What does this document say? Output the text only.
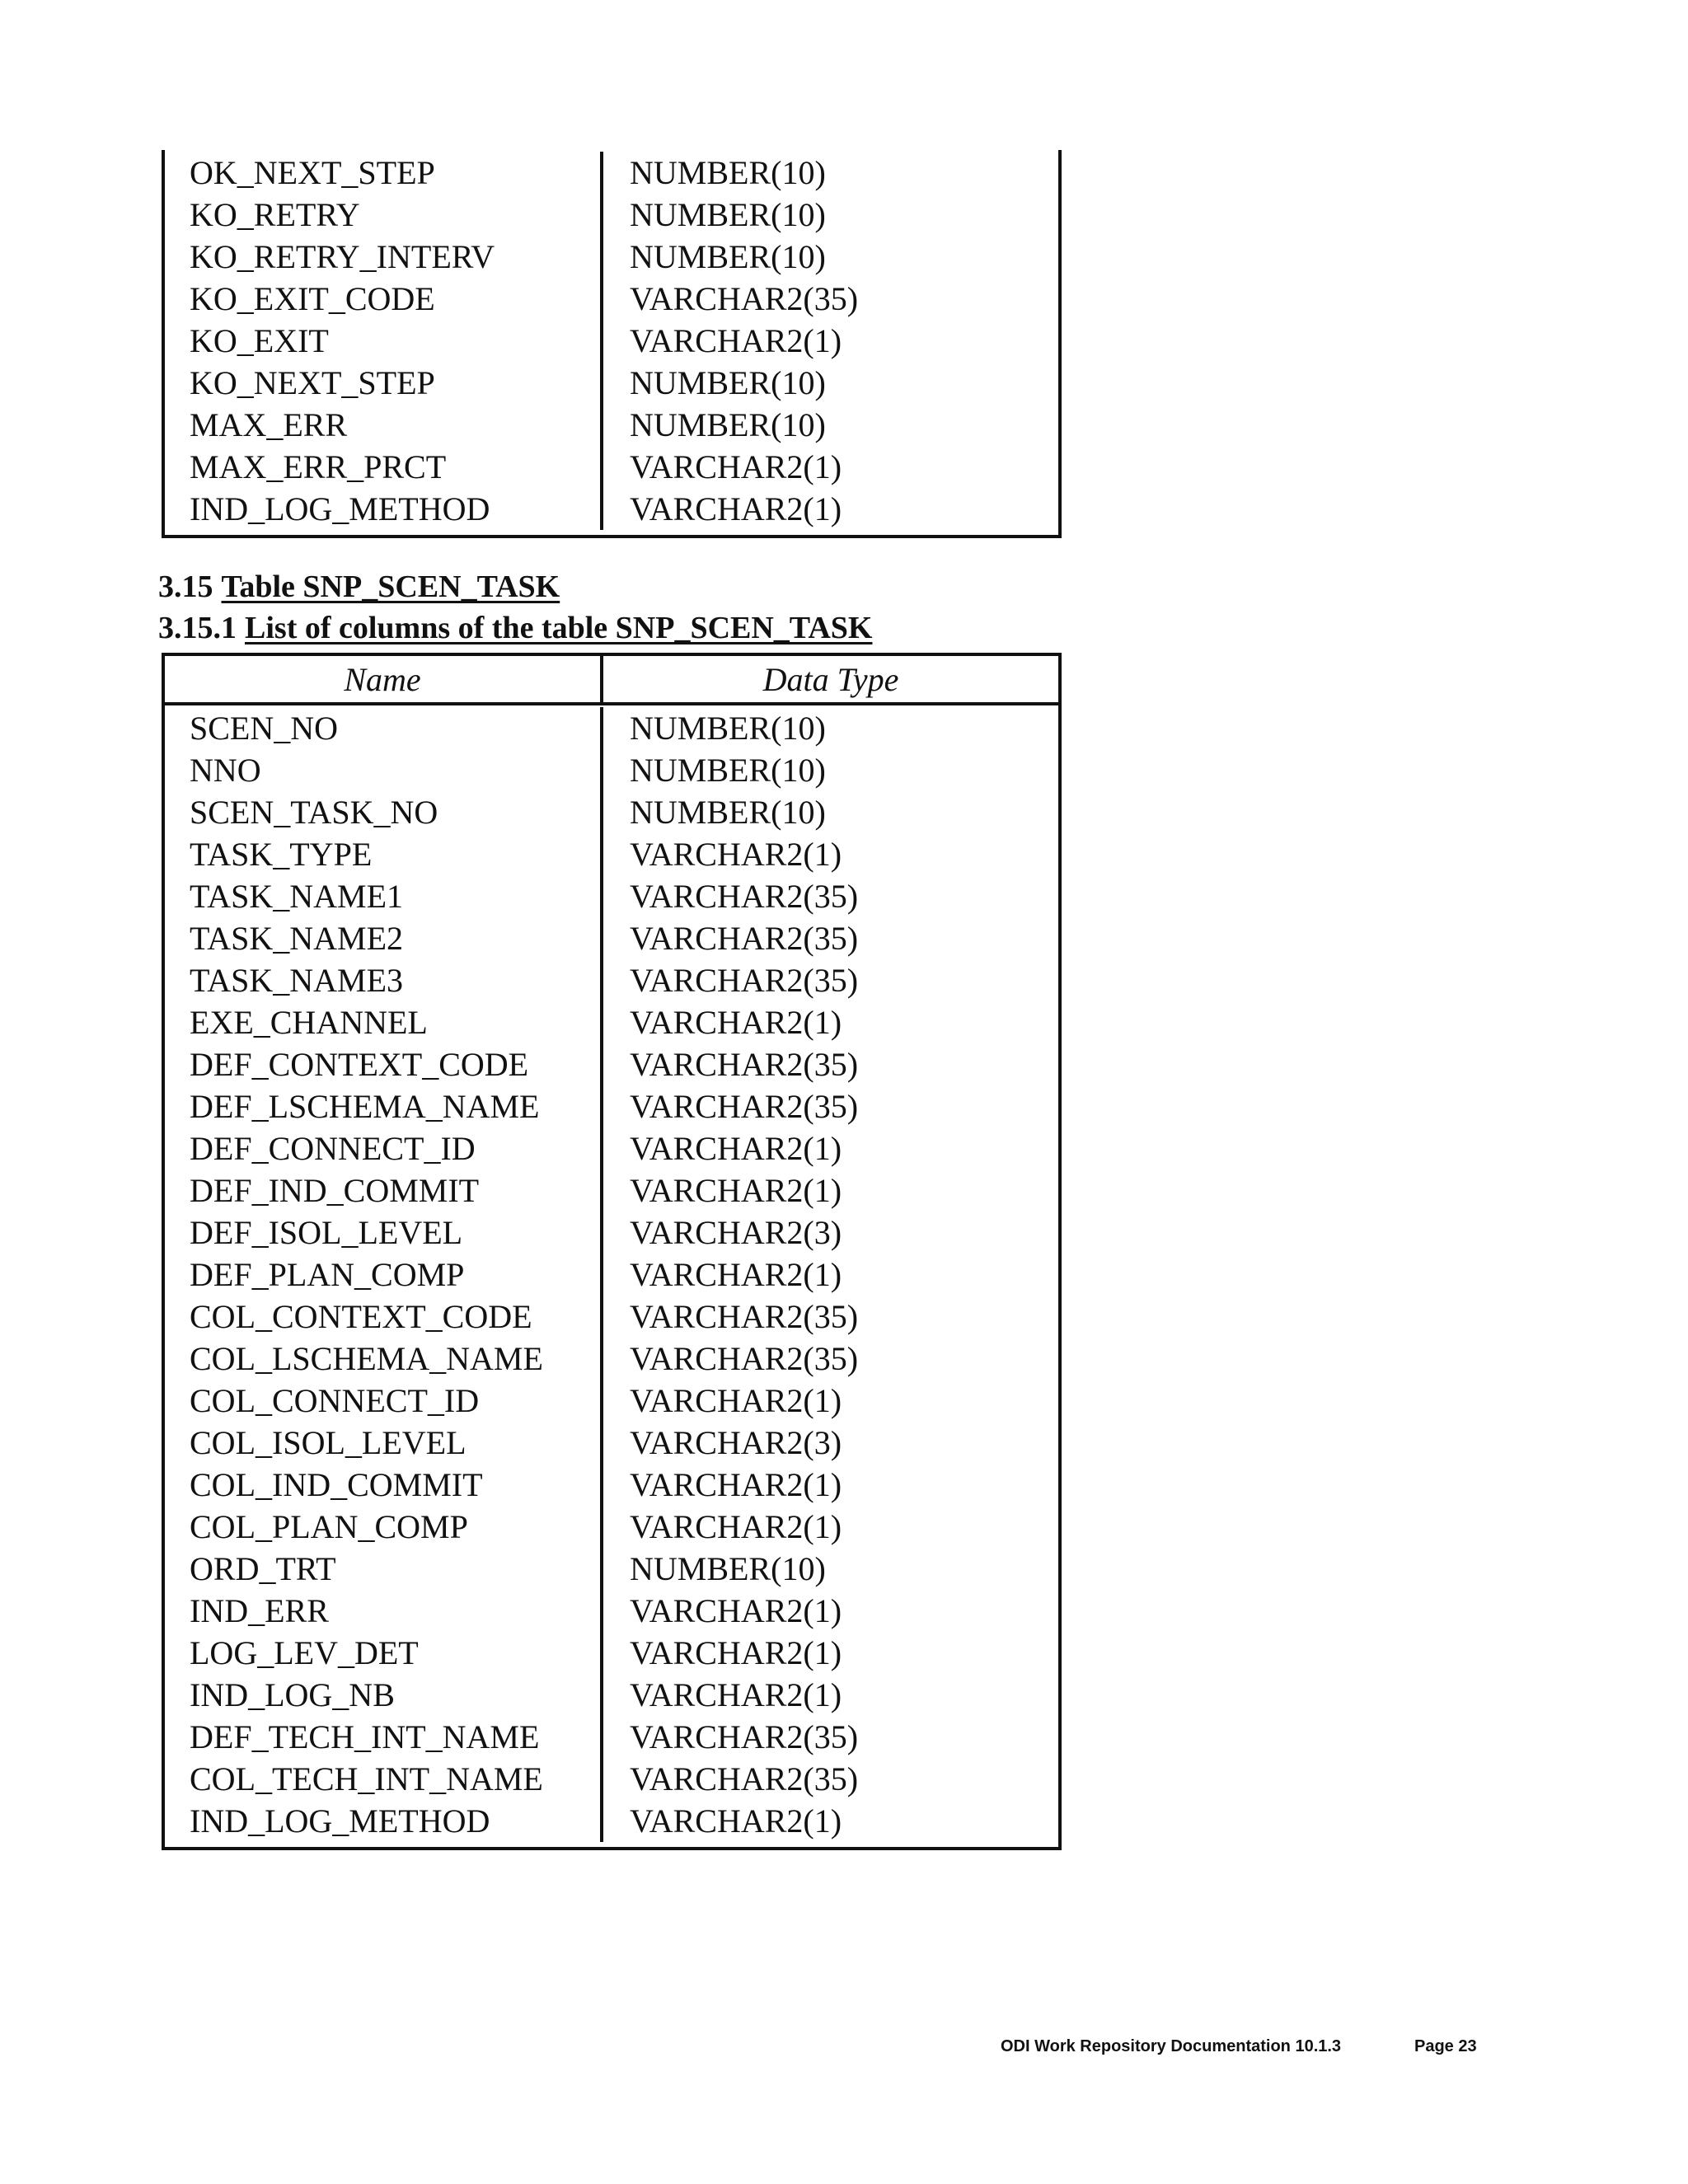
OK_NEXT_STEP	NUMBER(10)
KO_RETRY	NUMBER(10)
KO_RETRY_INTERV	NUMBER(10)
KO_EXIT_CODE	VARCHAR2(35)
KO_EXIT	VARCHAR2(1)
KO_NEXT_STEP	NUMBER(10)
MAX_ERR	NUMBER(10)
MAX_ERR_PRCT	VARCHAR2(1)
IND_LOG_METHOD	VARCHAR2(1)
3.15 Table SNP_SCEN_TASK
3.15.1 List of columns of the table SNP_SCEN_TASK
Name	Data Type
SCEN_NO	NUMBER(10)
NNO	NUMBER(10)
SCEN_TASK_NO	NUMBER(10)
TASK_TYPE	VARCHAR2(1)
TASK_NAME1	VARCHAR2(35)
TASK_NAME2	VARCHAR2(35)
TASK_NAME3	VARCHAR2(35)
EXE_CHANNEL	VARCHAR2(1)
DEF_CONTEXT_CODE	VARCHAR2(35)
DEF_LSCHEMA_NAME	VARCHAR2(35)
DEF_CONNECT_ID	VARCHAR2(1)
DEF_IND_COMMIT	VARCHAR2(1)
DEF_ISOL_LEVEL	VARCHAR2(3)
DEF_PLAN_COMP	VARCHAR2(1)
COL_CONTEXT_CODE	VARCHAR2(35)
COL_LSCHEMA_NAME	VARCHAR2(35)
COL_CONNECT_ID	VARCHAR2(1)
COL_ISOL_LEVEL	VARCHAR2(3)
COL_IND_COMMIT	VARCHAR2(1)
COL_PLAN_COMP	VARCHAR2(1)
ORD_TRT	NUMBER(10)
IND_ERR	VARCHAR2(1)
LOG_LEV_DET	VARCHAR2(1)
IND_LOG_NB	VARCHAR2(1)
DEF_TECH_INT_NAME	VARCHAR2(35)
COL_TECH_INT_NAME	VARCHAR2(35)
IND_LOG_METHOD	VARCHAR2(1)
ODI Work Repository Documentation 10.1.3	Page 23
